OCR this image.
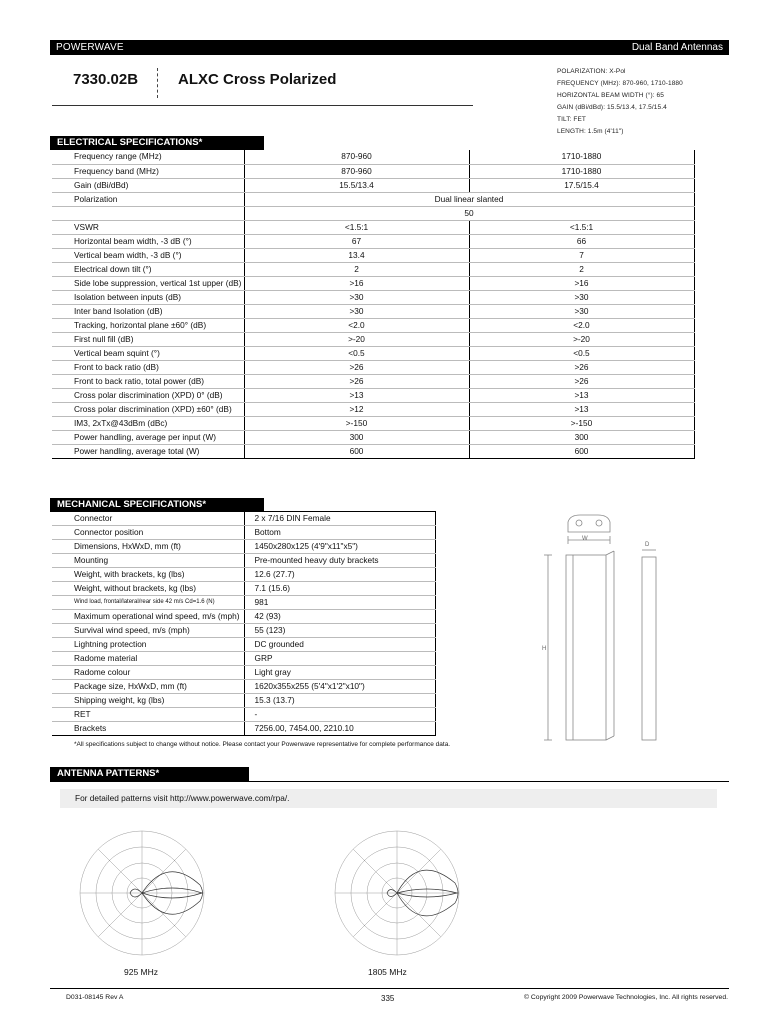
POWERWAVE	Dual Band Antennas
7330.02B	ALXC Cross Polarized	POLARIZATION: X-Pol
FREQUENCY (MHz): 870-960, 1710-1880
HORIZONTAL BEAM WIDTH (°): 65
GAIN (dBi/dBd): 15.5/13.4, 17.5/15.4
TILT: FET
LENGTH: 1.5m (4'11")
ELECTRICAL SPECIFICATIONS*
Frequency range (MHz)	870-960	1710-1880
Frequency band (MHz)	870-960	1710-1880
Gain (dBi/dBd)	15.5/13.4	17.5/15.4
Polarization	Dual linear slanted	
	50	
VSWR	<1.5:1	<1.5:1
Horizontal beam width, -3 dB (°)	67	66
Vertical beam width, -3 dB (°)	13.4	7
Electrical down tilt (°)	2	2
Side lobe suppression, vertical 1st upper (dB)	>16	>16
Isolation between inputs (dB)	>30	>30
Inter band Isolation (dB)	>30	>30
Tracking, horizontal plane ±60° (dB)	<2.0	<2.0
First null fill (dB)	>-20	>-20
Vertical beam squint (°)	<0.5	<0.5
Front to back ratio (dB)	>26	>26
Front to back ratio, total power (dB)	>26	>26
Cross polar discrimination (XPD) 0° (dB)	>13	>13
Cross polar discrimination (XPD) ±60° (dB)	>12	>13
IM3, 2xTx@43dBm (dBc)	>-150	>-150
Power handling, average per input (W)	300	300
Power handling, average total (W)	600	600
MECHANICAL SPECIFICATIONS*
Connector	2 x 7/16 DIN Female
Connector position	Bottom
Dimensions, HxWxD, mm (ft)	1450x280x125 (4'9"x11"x5")
Mounting	Pre-mounted heavy duty brackets
Weight, with brackets, kg (lbs)	12.6 (27.7)
Weight, without brackets, kg (lbs)	7.1 (15.6)
Wind load, frontal/lateral/rear side 42 m/s Cd=1.6 (N)	981
Maximum operational wind speed, m/s (mph)	42 (93)
Survival wind speed, m/s (mph)	55 (123)
Lightning protection	DC grounded
Radome material	GRP
Radome colour	Light gray
Package size, HxWxD, mm (ft)	1620x355x255 (5'4"x1'2"x10")
Shipping weight, kg (lbs)	15.3 (13.7)
RET	-
Brackets	7256.00, 7454.00, 2210.10
*All specifications subject to change without notice. Please contact your Powerwave representative for complete performance data.
W
D
H
ANTENNA PATTERNS*
For detailed patterns visit http://www.powerwave.com/rpa/.
925 MHz	1805 MHz
D031-08145 Rev A	335	© Copyright 2009 Powerwave Technologies, Inc. All rights reserved.
